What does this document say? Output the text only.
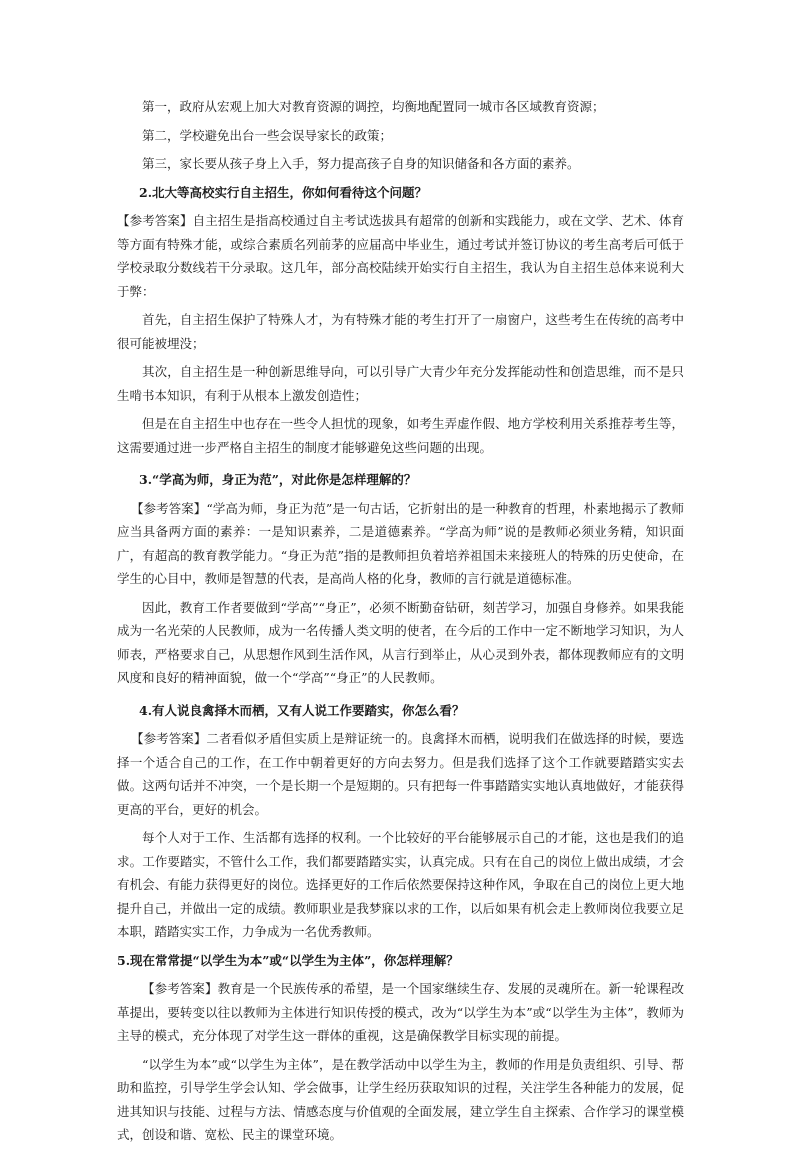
第一，政府从宏观上加大对教育资源的调控，均衡地配置同一城市各区域教育资源；

第二，学校避免出台一些会误导家长的政策；

第三，家长要从孩子身上入手，努力提高孩子自身的知识储备和各方面的素养。

2.北大等高校实行自主招生，你如何看待这个问题？

【参考答案】自主招生是指高校通过自主考试选拔具有超常的创新和实践能力，或在文学、艺术、体育等方面有特殊才能，或综合素质名列前茅的应届高中毕业生，通过考试并签订协议的考生高考后可低于学校录取分数线若干分录取。这几年，部分高校陆续开始实行自主招生，我认为自主招生总体来说利大于弊：

首先，自主招生保护了特殊人才，为有特殊才能的考生打开了一扇窗户，这些考生在传统的高考中很可能被埋没；

其次，自主招生是一种创新思维导向，可以引导广大青少年充分发挥能动性和创造思维，而不是只生啃书本知识，有利于从根本上激发创造性；

但是在自主招生中也存在一些令人担忧的现象，如考生弄虚作假、地方学校利用关系推荐考生等，这需要通过进一步严格自主招生的制度才能够避免这些问题的出现。

3.“学高为师，身正为范”，对此你是怎样理解的？

【参考答案】“学高为师，身正为范”是一句古话，它折射出的是一种教育的哲理，朴素地揭示了教师应当具备两方面的素养：一是知识素养，二是道德素养。“学高为师”说的是教师必须业务精，知识面广，有超高的教育教学能力。“身正为范”指的是教师担负着培养祖国未来接班人的特殊的历史使命，在学生的心目中，教师是智慧的代表，是高尚人格的化身，教师的言行就是道德标准。

因此，教育工作者要做到“学高”“身正”，必须不断勤奋钻研，刻苦学习，加强自身修养。如果我能成为一名光荣的人民教师，成为一名传播人类文明的使者，在今后的工作中一定不断地学习知识，为人师表，严格要求自己，从思想作风到生活作风，从言行到举止，从心灵到外表，都体现教师应有的文明风度和良好的精神面貌，做一个“学高”“身正”的人民教师。

4.有人说良禽择木而栖，又有人说工作要踏实，你怎么看？

【参考答案】二者看似矛盾但实质上是辩证统一的。良禽择木而栖，说明我们在做选择的时候，要选择一个适合自己的工作，在工作中朝着更好的方向去努力。但是我们选择了这个工作就要踏踏实实去做。这两句话并不冲突，一个是长期一个是短期的。只有把每一件事踏踏实实地认真地做好，才能获得更高的平台，更好的机会。

每个人对于工作、生活都有选择的权利。一个比较好的平台能够展示自己的才能，这也是我们的追求。工作要踏实，不管什么工作，我们都要踏踏实实，认真完成。只有在自己的岗位上做出成绩，才会有机会、有能力获得更好的岗位。选择更好的工作后依然要保持这种作风，争取在自己的岗位上更大地提升自己，并做出一定的成绩。教师职业是我梦寐以求的工作，以后如果有机会走上教师岗位我要立足本职，踏踏实实工作，力争成为一名优秀教师。

5.现在常常提“以学生为本”或“以学生为主体”，你怎样理解？

【参考答案】教育是一个民族传承的希望，是一个国家继续生存、发展的灵魂所在。新一轮课程改革提出，要转变以往以教师为主体进行知识传授的模式，改为“以学生为本”或“以学生为主体”，教师为主导的模式，充分体现了对学生这一群体的重视，这是确保教学目标实现的前提。

“以学生为本”或“以学生为主体”，是在教学活动中以学生为主，教师的作用是负责组织、引导、帮助和监控，引导学生学会认知、学会做事，让学生经历获取知识的过程，关注学生各种能力的发展，促进其知识与技能、过程与方法、情感态度与价值观的全面发展，建立学生自主探索、合作学习的课堂模式，创设和谐、宽松、民主的课堂环境。
